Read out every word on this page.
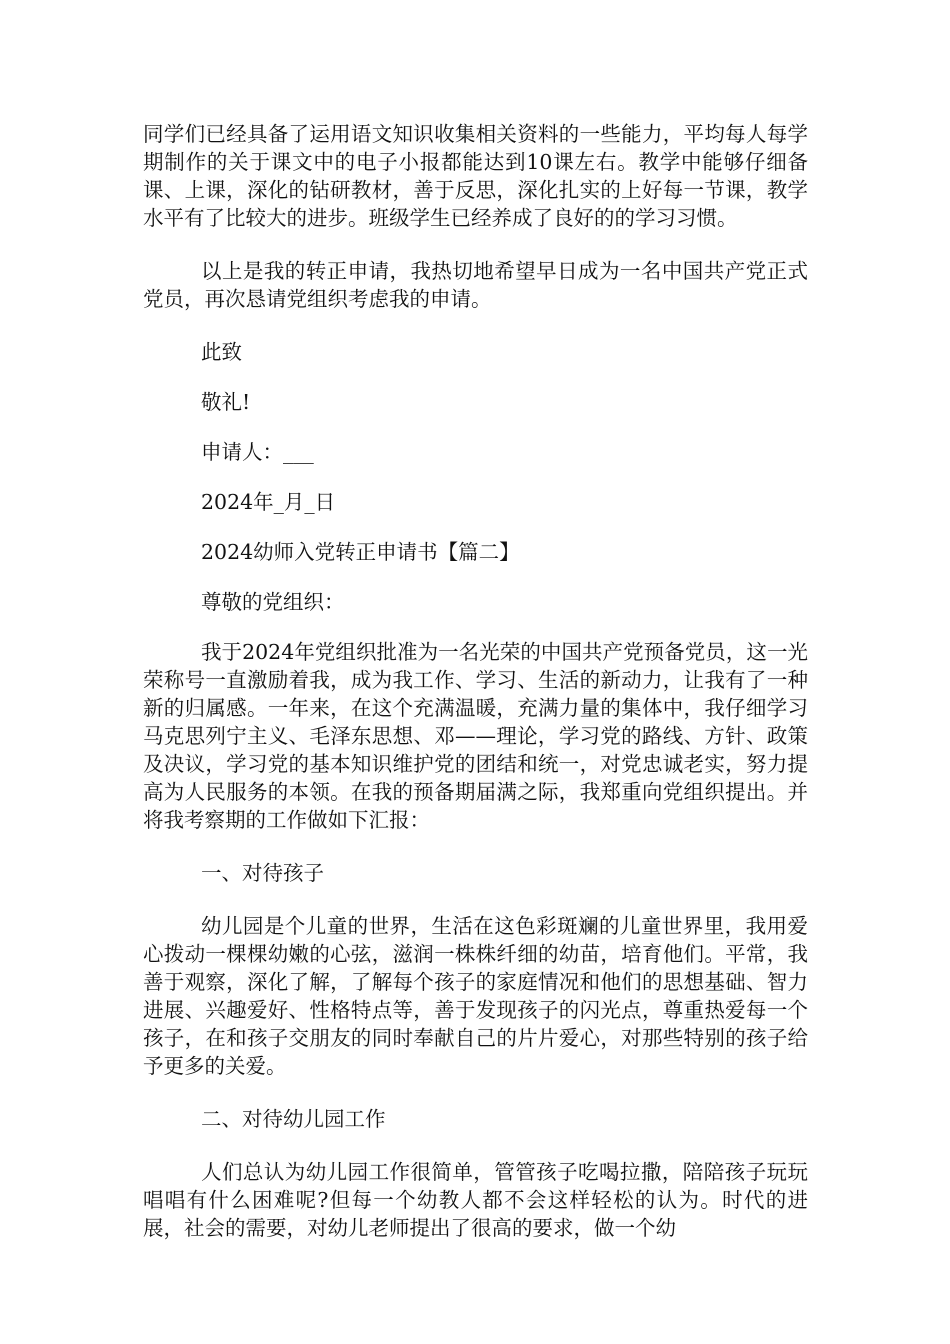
同学们已经具备了运用语文知识收集相关资料的一些能力，平均每人每学期制作的关于课文中的电子小报都能达到10课左右。教学中能够仔细备课、上课，深化的钻研教材，善于反思，深化扎实的上好每一节课，教学水平有了比较大的进步。班级学生已经养成了良好的的学习习惯。

以上是我的转正申请，我热切地希望早日成为一名中国共产党正式党员，再次恳请党组织考虑我的申请。

此致

敬礼!

申请人：___

2024年_月_日

2024幼师入党转正申请书【篇二】

尊敬的党组织：

我于2024年党组织批准为一名光荣的中国共产党预备党员，这一光荣称号一直激励着我，成为我工作、学习、生活的新动力，让我有了一种新的归属感。一年来，在这个充满温暖，充满力量的集体中，我仔细学习马克思列宁主义、毛泽东思想、邓——理论，学习党的路线、方针、政策及决议，学习党的基本知识维护党的团结和统一，对党忠诚老实，努力提高为人民服务的本领。在我的预备期届满之际，我郑重向党组织提出。并将我考察期的工作做如下汇报：

一、对待孩子

幼儿园是个儿童的世界，生活在这色彩斑斓的儿童世界里，我用爱心拨动一棵棵幼嫩的心弦，滋润一株株纤细的幼苗，培育他们。平常，我善于观察，深化了解，了解每个孩子的家庭情况和他们的思想基础、智力进展、兴趣爱好、性格特点等，善于发现孩子的闪光点，尊重热爱每一个孩子，在和孩子交朋友的同时奉献自己的片片爱心，对那些特别的孩子给予更多的关爱。

二、对待幼儿园工作

人们总认为幼儿园工作很简单，管管孩子吃喝拉撒，陪陪孩子玩玩唱唱有什么困难呢?但每一个幼教人都不会这样轻松的认为。时代的进展，社会的需要，对幼儿老师提出了很高的要求，做一个幼
